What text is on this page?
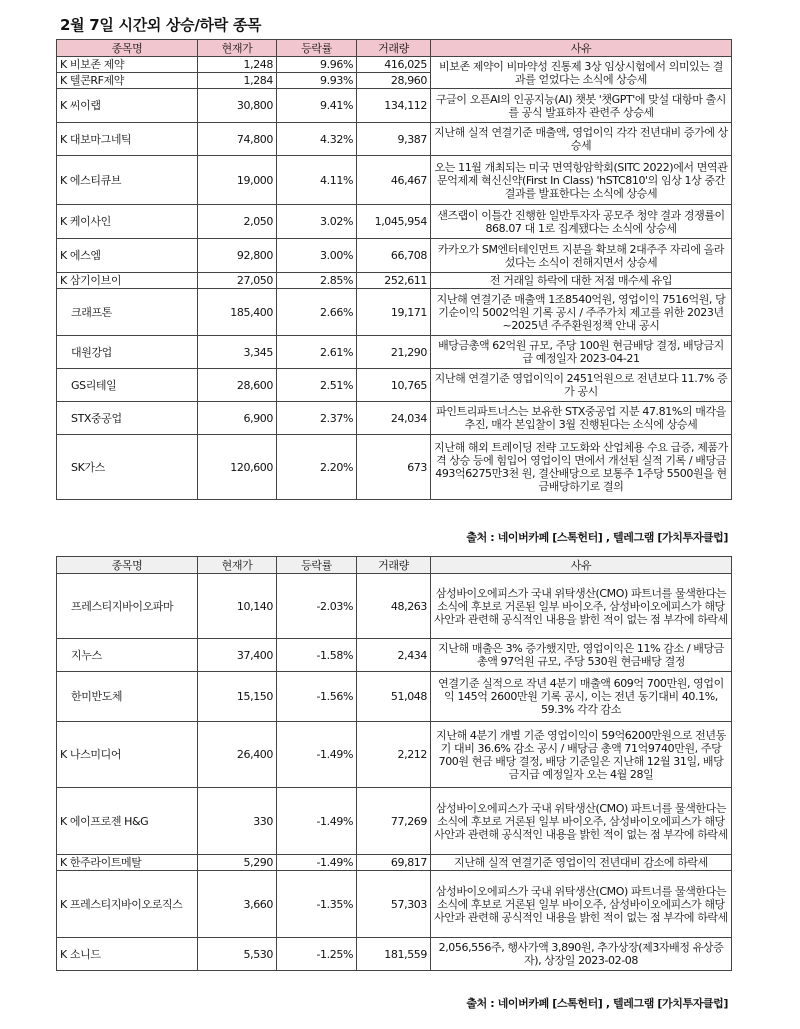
2월 7일 시간외 상승/하락 종목
종목명	현재가	등락률	거래량	사유
K 비보존 제약	1,248	9.96%	416,025	비보존 제약이 비마약성 진통제 3상 임상시험에서 의미있는 결과를 얻었다는 소식에 상승세
K 텔콘RF제약	1,284	9.93%	28,960	
K 씨이랩	30,800	9.41%	134,112	구글이 오픈AI의 인공지능(AI) 챗봇 '챗GPT'에 맞설 대항마 출시를 공식 발표하자 관련주 상승세
K 대보마그네틱	74,800	4.32%	9,387	지난해 실적 연결기준 매출액, 영업이익 각각 전년대비 증가에 상승세
K 에스티큐브	19,000	4.11%	46,467	오는 11월 개최되는 미국 면역항암학회(SITC 2022)에서 면역관문억제제 혁신신약(First In Class) 'hSTC810'의 임상 1상 중간 결과를 발표한다는 소식에 상승세
K 케이사인	2,050	3.02%	1,045,954	샌즈랩이 이틀간 진행한 일반투자자 공모주 청약 결과 경쟁률이 868.07 대 1로 집계됐다는 소식에 상승세
K 에스엠	92,800	3.00%	66,708	카카오가 SM엔터테인먼트 지분을 확보해 2대주주 자리에 올라섰다는 소식이 전해지면서 상승세
K 삼기이브이	27,050	2.85%	252,611	전 거래일 하락에 대한 저점 매수세 유입
크래프톤	185,400	2.66%	19,171	지난해 연결기준 매출액 1조8540억원, 영업이익 7516억원, 당기순이익 5002억원 기록 공시 / 주주가치 제고를 위한 2023년~2025년 주주환원정책 안내 공시
대원강업	3,345	2.61%	21,290	배당금총액 62억원 규모, 주당 100원 현금배당 결정, 배당금지급 예정일자 2023-04-21
GS리테일	28,600	2.51%	10,765	지난해 연결기준 영업이익이 2451억원으로 전년보다 11.7% 증가 공시
STX중공업	6,900	2.37%	24,034	파인트리파트너스는 보유한 STX중공업 지분 47.81%의 매각을 추진, 매각 본입찰이 3월 진행된다는 소식에 상승세
SK가스	120,600	2.20%	673	지난해 해외 트레이딩 전략 고도화와 산업체용 수요 급증, 제품가격 상승 등에 힘입어 영업이익 면에서 개선된 실적 기록 / 배당금 493억6275만3천 원, 결산배당으로 보통주 1주당 5500원을 현금배당하기로 결의
출처 : 네이버카페 [스톡헌터] , 텔레그램 [가치투자클럽]
종목명	현재가	등락률	거래량	사유
프레스티지바이오파마	10,140	-2.03%	48,263	삼성바이오에피스가 국내 위탁생산(CMO) 파트너를 물색한다는 소식에 후보로 거론된 일부 바이오주, 삼성바이오에피스가 해당 사안과 관련해 공식적인 내용을 밝힌 적이 없는 점 부각에 하락세
지누스	37,400	-1.58%	2,434	지난해 매출은 3% 증가했지만, 영업이익은 11% 감소 / 배당금총액 97억원 규모, 주당 530원 현금배당 결정
한미반도체	15,150	-1.56%	51,048	연결기준 실적으로 작년 4분기 매출액 609억 700만원, 영업이익 145억 2600만원 기록 공시, 이는 전년 동기대비 40.1%, 59.3% 각각 감소
K 나스미디어	26,400	-1.49%	2,212	지난해 4분기 개별 기준 영업이익이 59억6200만원으로 전년동기 대비 36.6% 감소 공시 / 배당금 총액 71억9740만원, 주당 700원 현금 배당 결정, 배당 기준일은 지난해 12월 31일, 배당금지급 예정일자 오는 4월 28일
K 에이프로젠 H&G	330	-1.49%	77,269	삼성바이오에피스가 국내 위탁생산(CMO) 파트너를 물색한다는 소식에 후보로 거론된 일부 바이오주, 삼성바이오에피스가 해당 사안과 관련해 공식적인 내용을 밝힌 적이 없는 점 부각에 하락세
K 한주라이트메탈	5,290	-1.49%	69,817	지난해 실적 연결기준 영업이익 전년대비 감소에 하락세
K 프레스티지바이오로직스	3,660	-1.35%	57,303	삼성바이오에피스가 국내 위탁생산(CMO) 파트너를 물색한다는 소식에 후보로 거론된 일부 바이오주, 삼성바이오에피스가 해당 사안과 관련해 공식적인 내용을 밝힌 적이 없는 점 부각에 하락세
K 소니드	5,530	-1.25%	181,559	2,056,556주, 행사가액 3,890원, 추가상장(제3자배정 유상증자), 상장일 2023-02-08
출처 : 네이버카페 [스톡헌터] , 텔레그램 [가치투자클럽]
